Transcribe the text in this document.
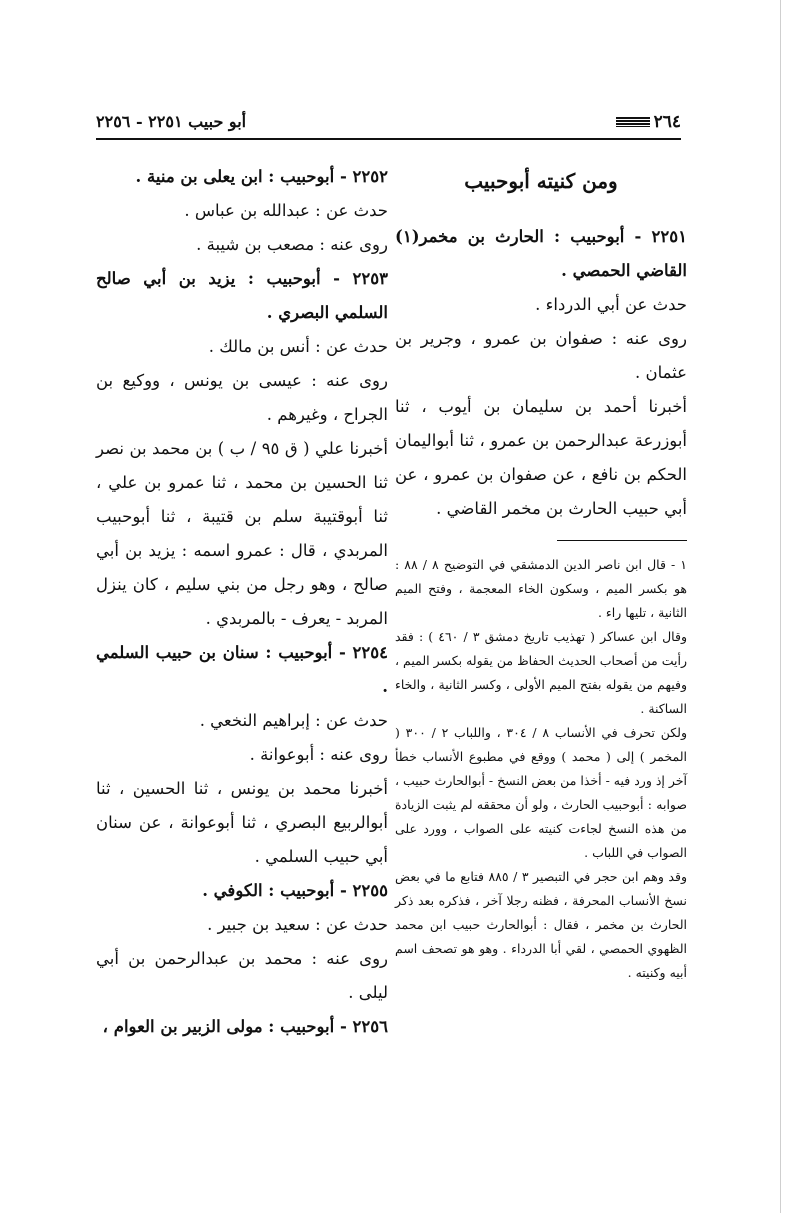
٢٦٤
أبو حبيب ٢٢٥١ - ٢٢٥٦

ومن كنيته أبوحبيب

٢٢٥١ - أبوحبيب : الحارث بن مخمر(١) القاضي الحمصي .

حدث عن أبي الدرداء .

روى عنه : صفوان بن عمرو ، وجرير بن عثمان .

أخبرنا أحمد بن سليمان بن أيوب ، ثنا أبوزرعة عبدالرحمن بن عمرو ، ثنا أبواليمان الحكم بن نافع ، عن صفوان بن عمرو ، عن أبي حبيب الحارث بن مخمر القاضي .

١ - قال ابن ناصر الدين الدمشقي في التوضيح ٨ / ٨٨ : هو بكسر الميم ، وسكون الخاء المعجمة ، وفتح الميم الثانية ، تليها راء .

وقال ابن عساكر ( تهذيب تاريخ دمشق ٣ / ٤٦٠ ) : فقد رأيت من أصحاب الحديث الحفاظ من يقوله بكسر الميم ، وفيهم من يقوله بفتح الميم الأولى ، وكسر الثانية ، والخاء الساكنة .

ولكن تحرف في الأنساب ٨ / ٣٠٤ ، واللباب ٢ / ٣٠٠ ( المخمر ) إلى ( محمد ) ووقع في مطبوع الأنساب خطأ آخر إذ ورد فيه - أخذا من بعض النسخ - أبوالحارث حبيب ، صوابه : أبوحبيب الحارث ، ولو أن محققه لم يثبت الزيادة من هذه النسخ لجاءت كنيته على الصواب ، وورد على الصواب في اللباب .

وقد وهم ابن حجر في التبصير ٣ / ٨٨٥ فتابع ما في بعض نسخ الأنساب المحرفة ، فظنه رجلا آخر ، فذكره بعد ذكر الحارث بن مخمر ، فقال : أبوالحارث حبيب ابن محمد الظهوي الحمصي ، لقي أبا الدرداء . وهو هو تصحف اسم أبيه وكنيته .

٢٢٥٢ - أبوحبيب : ابن يعلى بن منية .

حدث عن : عبدالله بن عباس .

روى عنه : مصعب بن شيبة .

٢٢٥٣ - أبوحبيب : يزيد بن أبي صالح السلمي البصري .

حدث عن : أنس بن مالك .

روى عنه : عيسى بن يونس ، ووكيع بن الجراح ، وغيرهم .

أخبرنا علي ( ق ٩٥ / ب ) بن محمد بن نصر ثنا الحسين بن محمد ، ثنا عمرو بن علي ، ثنا أبوقتيبة سلم بن قتيبة ، ثنا أبوحبيب المربدي ، قال : عمرو اسمه : يزيد بن أبي صالح ، وهو رجل من بني سليم ، كان ينزل المربد - يعرف - بالمربدي .

٢٢٥٤ - أبوحبيب : سنان بن حبيب السلمي .

حدث عن : إبراهيم النخعي .

روى عنه : أبوعوانة .

أخبرنا محمد بن يونس ، ثنا الحسين ، ثنا أبوالربيع البصري ، ثنا أبوعوانة ، عن سنان أبي حبيب السلمي .

٢٢٥٥ - أبوحبيب : الكوفي .

حدث عن : سعيد بن جبير .

روى عنه : محمد بن عبدالرحمن بن أبي ليلى .

٢٢٥٦ - أبوحبيب : مولى الزبير بن العوام ،
